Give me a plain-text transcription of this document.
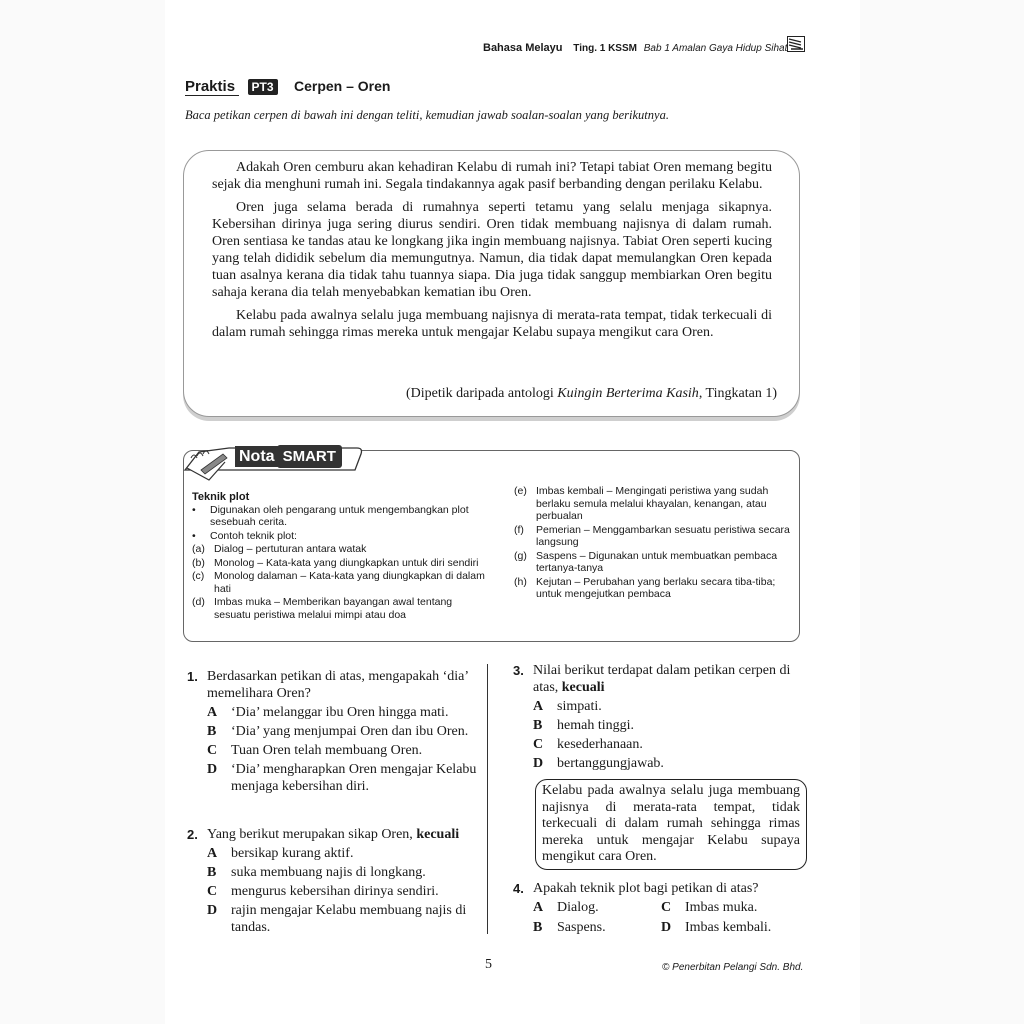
Bahasa Melayu Ting. 1 KSSM Bab 1 Amalan Gaya Hidup Sihat
Praktis PT3 Cerpen – Oren
Baca petikan cerpen di bawah ini dengan teliti, kemudian jawab soalan-soalan yang berikutnya.

Adakah Oren cemburu akan kehadiran Kelabu di rumah ini? Tetapi tabiat Oren memang begitu sejak dia menghuni rumah ini. Segala tindakannya agak pasif berbanding dengan perilaku Kelabu.

Oren juga selama berada di rumahnya seperti tetamu yang selalu menjaga sikapnya. Kebersihan dirinya juga sering diurus sendiri. Oren tidak membuang najisnya di dalam rumah. Oren sentiasa ke tandas atau ke longkang jika ingin membuang najisnya. Tabiat Oren seperti kucing yang telah dididik sebelum dia memungutnya. Namun, dia tidak dapat memulangkan Oren kepada tuan asalnya kerana dia tidak tahu tuannya siapa. Dia juga tidak sanggup membiarkan Oren begitu sahaja kerana dia telah menyebabkan kematian ibu Oren.

Kelabu pada awalnya selalu juga membuang najisnya di merata-rata tempat, tidak terkecuali di dalam rumah sehingga rimas mereka untuk mengajar Kelabu supaya mengikut cara Oren.

(Dipetik daripada antologi Kuingin Berterima Kasih, Tingkatan 1)
Teknik plot
•	Digunakan oleh pengarang untuk mengembangkan plot sesebuah cerita.
•	Contoh teknik plot:
(a) Dialog – pertuturan antara watak
(b) Monolog – Kata-kata yang diungkapkan untuk diri sendiri
(c) Monolog dalaman – Kata-kata yang diungkapkan di dalam hati
(d) Imbas muka – Memberikan bayangan awal tentang sesuatu peristiwa melalui mimpi atau doa
(e) Imbas kembali – Mengingati peristiwa yang sudah berlaku semula melalui khayalan, kenangan, atau perbualan
(f)	Pemerian – Menggambarkan sesuatu peristiwa secara langsung
(g) Saspens – Digunakan untuk membuatkan pembaca tertanya-tanya
(h) Kejutan – Perubahan yang berlaku secara tiba-tiba; untuk mengejutkan pembaca
Nota SMART
1. Berdasarkan petikan di atas, mengapakah ‘dia’ memelihara Oren?
A ‘Dia’ melanggar ibu Oren hingga mati.
B	‘Dia’ yang menjumpai Oren dan ibu Oren.
C Tuan Oren telah membuang Oren.
D ‘Dia’ mengharapkan Oren mengajar Kelabu menjaga kebersihan diri.
2. Yang berikut merupakan sikap Oren, kecuali
A bersikap kurang aktif.
B	suka membuang najis di longkang.
C mengurus kebersihan dirinya sendiri.
D rajin mengajar Kelabu membuang najis di tandas.
3. Nilai berikut terdapat dalam petikan cerpen di atas, kecuali
A simpati.
B	hemah tinggi.
C kesederhanaan.
D bertanggungjawab.
Kelabu pada awalnya selalu juga membuang najisnya di merata-rata tempat, tidak terkecuali di dalam rumah sehingga rimas mereka untuk mengajar Kelabu supaya mengikut cara Oren.
4. Apakah teknik plot bagi petikan di atas?
A Dialog.	C Imbas muka.
B	Saspens.	D Imbas kembali.
5	© Penerbitan Pelangi Sdn. Bhd.
